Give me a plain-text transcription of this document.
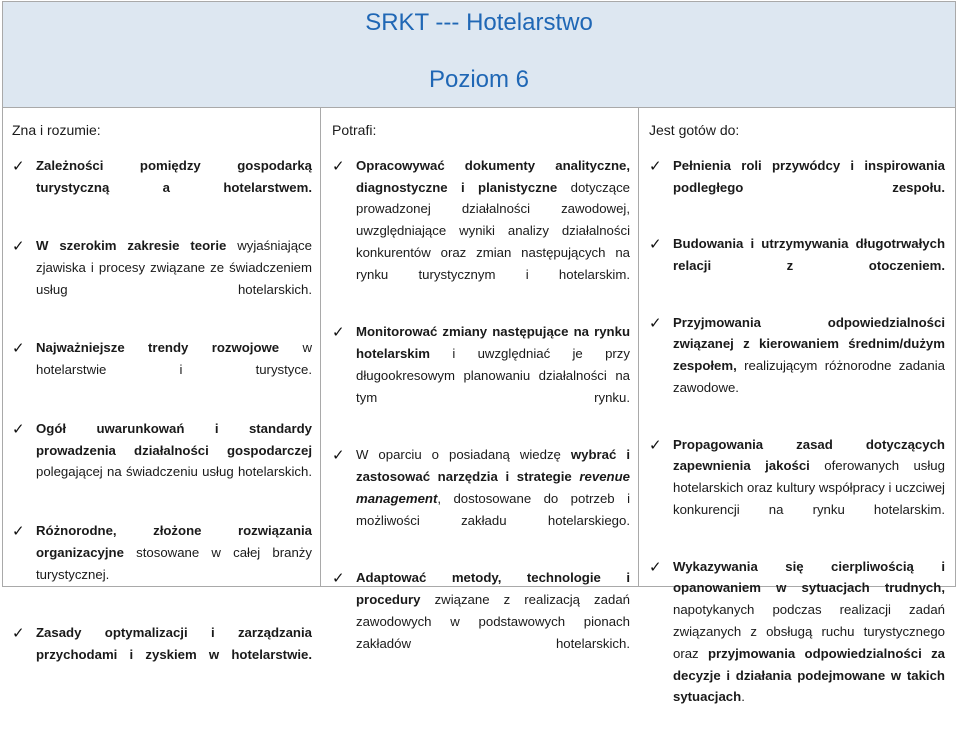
SRKT --- Hotelarstwo
Poziom 6
Zna i rozumie:
✓ Zależności pomiędzy gospodarką turystyczną a hotelarstwem.
✓ W szerokim zakresie teorie wyjaśniające zjawiska i procesy związane ze świadczeniem usług hotelarskich.
✓ Najważniejsze trendy rozwojowe w hotelarstwie i turystyce.
✓ Ogół uwarunkowań i standardy prowadzenia działalności gospodarczej polegającej na świadczeniu usług hotelarskich.
✓ Różnorodne, złożone rozwiązania organizacyjne stosowane w całej branży turystycznej.
✓ Zasady optymalizacji i zarządzania przychodami i zyskiem w hotelarstwie.
Potrafi:
✓ Opracowywać dokumenty analityczne, diagnostyczne i planistyczne dotyczące prowadzonej działalności zawodowej, uwzględniające wyniki analizy działalności konkurentów oraz zmian następujących na rynku turystycznym i hotelarskim.
✓ Monitorować zmiany następujące na rynku hotelarskim i uwzględniać je przy długookresowym planowaniu działalności na tym rynku.
✓ W oparciu o posiadaną wiedzę wybrać i zastosować narzędzia i strategie revenue management, dostosowane do potrzeb i możliwości zakładu hotelarskiego.
✓ Adaptować metody, technologie i procedury związane z realizacją zadań zawodowych w podstawowych pionach zakładów hotelarskich.
Jest gotów do:
✓ Pełnienia roli przywódcy i inspirowania podległego zespołu.
✓ Budowania i utrzymywania długotrwałych relacji z otoczeniem.
✓ Przyjmowania odpowiedzialności związanej z kierowaniem średnim/dużym zespołem, realizującym różnorodne zadania zawodowe.
✓ Propagowania zasad dotyczących zapewnienia jakości oferowanych usług hotelarskich oraz kultury współpracy i uczciwej konkurencji na rynku hotelarskim.
✓ Wykazywania się cierpliwością i opanowaniem w sytuacjach trudnych, napotykanych podczas realizacji zadań związanych z obsługą ruchu turystycznego oraz przyjmowania odpowiedzialności za decyzje i działania podejmowane w takich sytuacjach.
